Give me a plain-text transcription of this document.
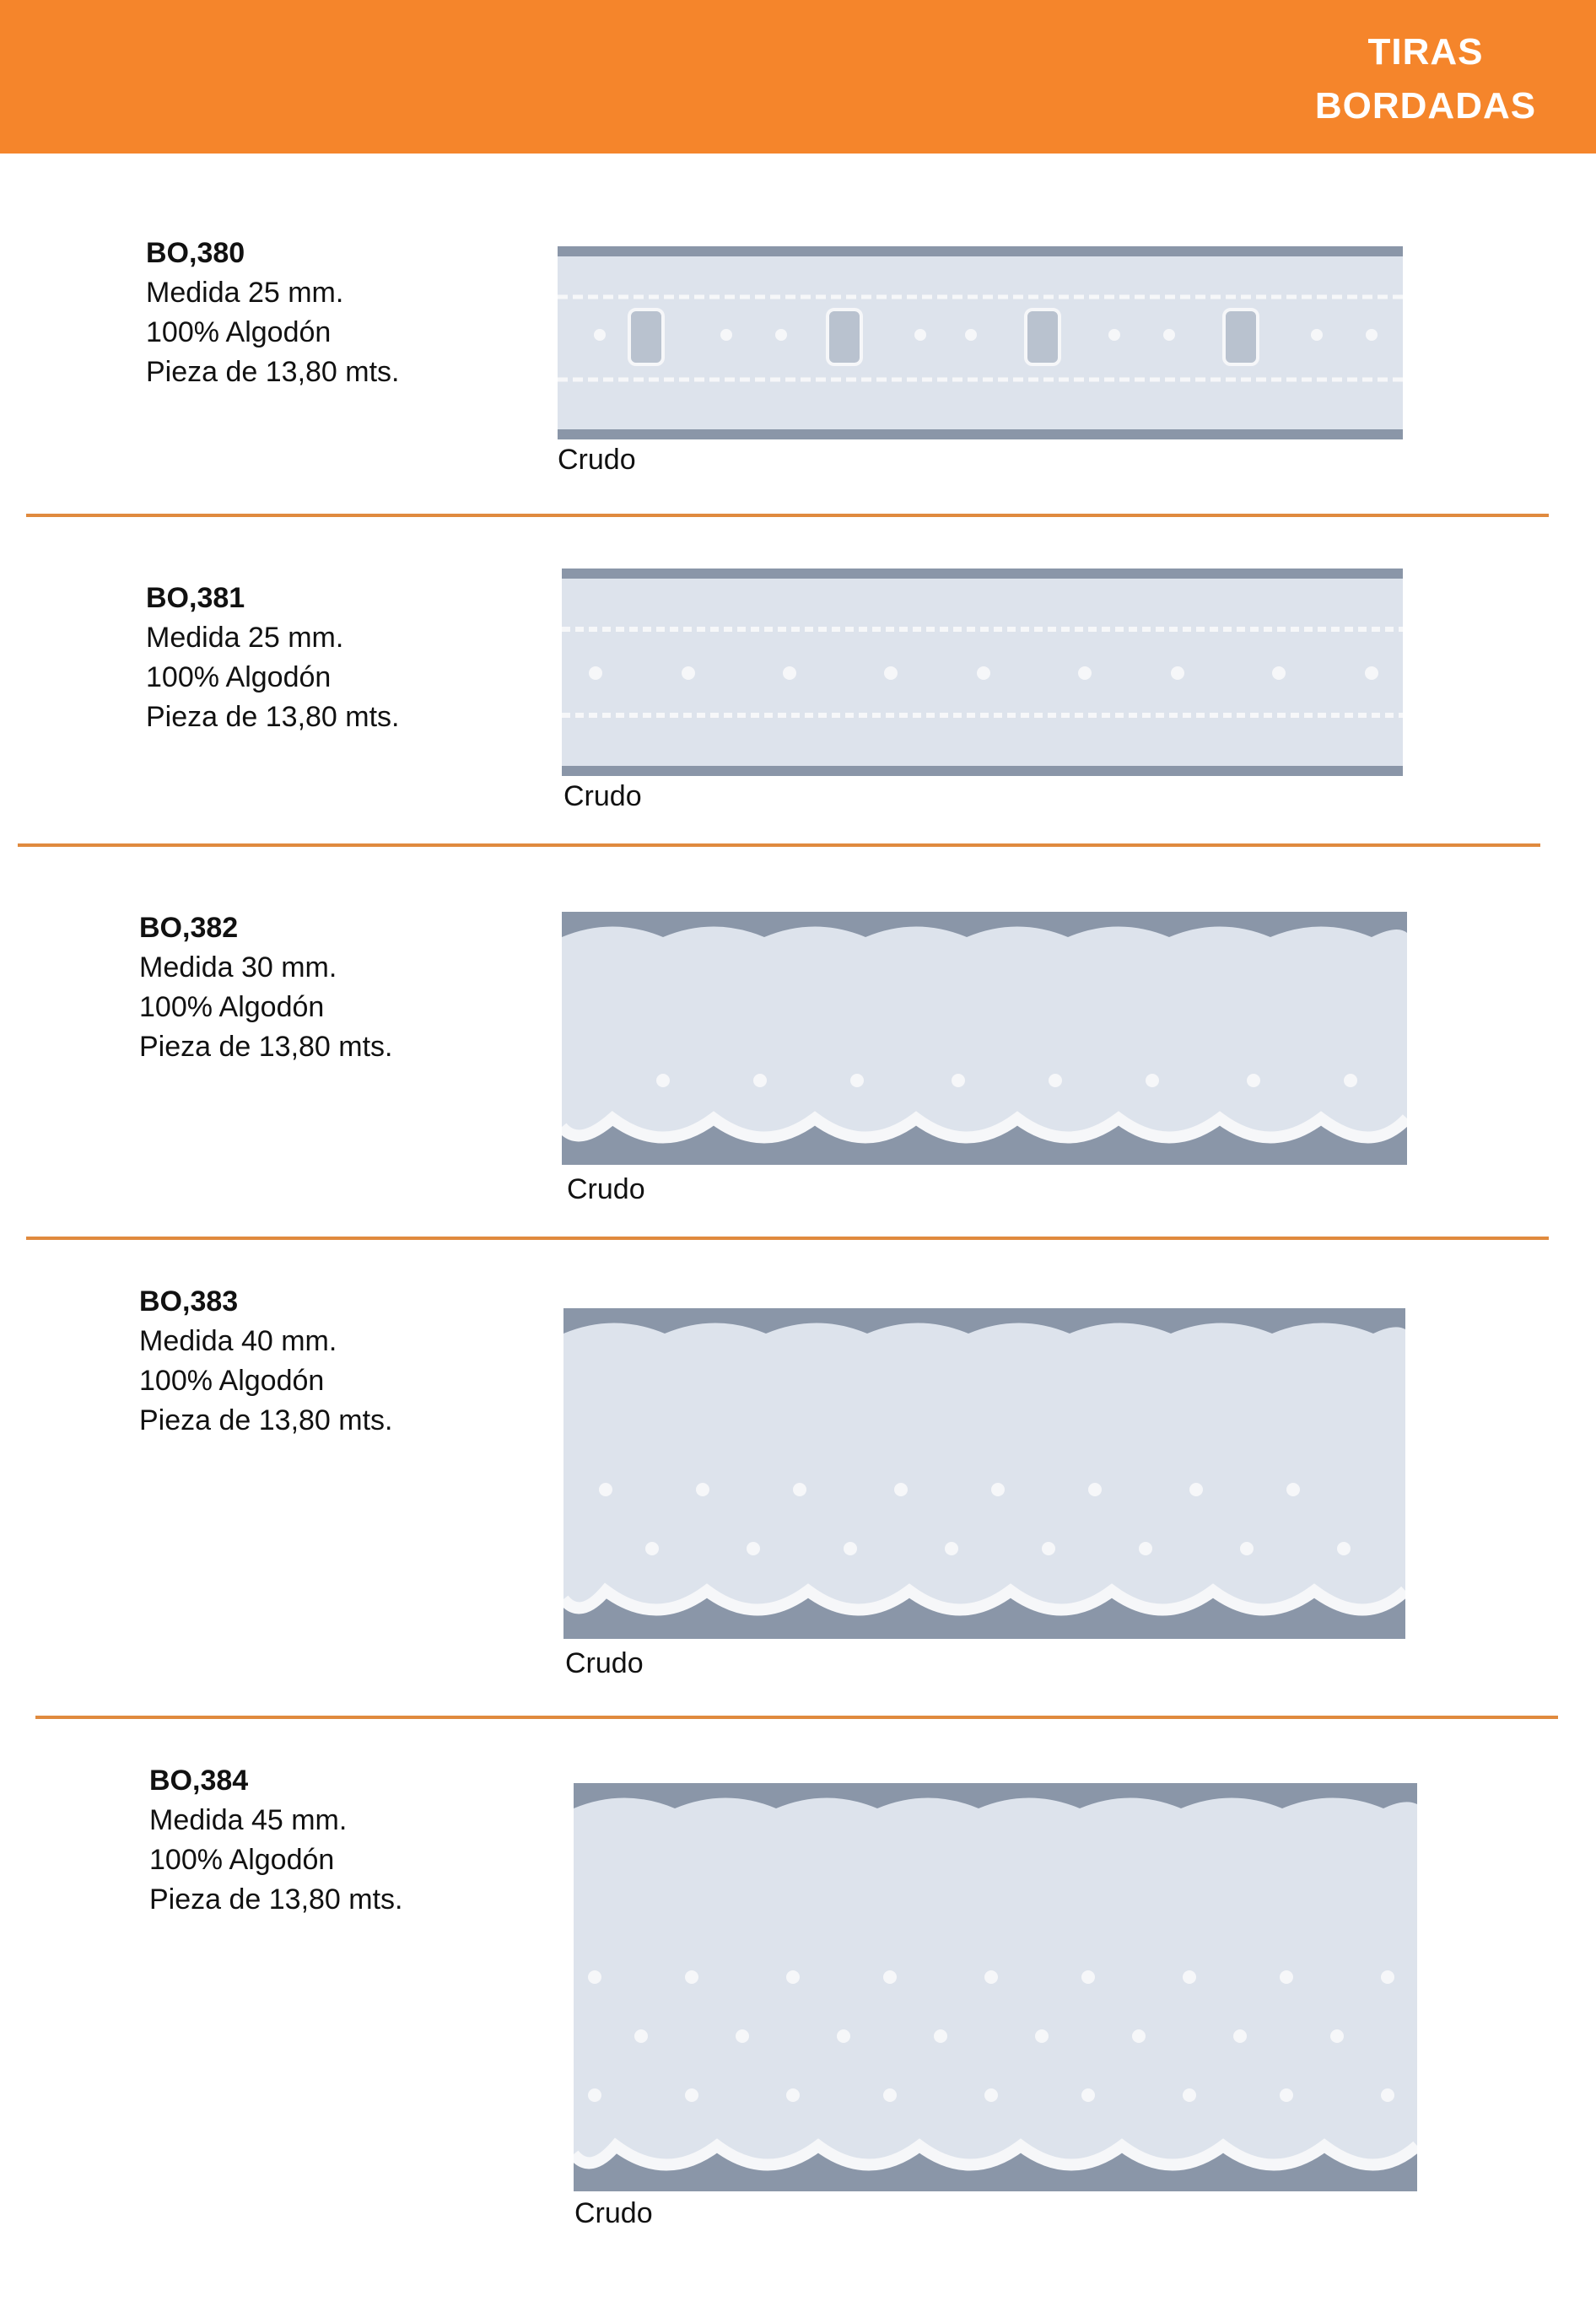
TIRAS
BORDADAS
BO,380
Medida 25 mm.
100% Algodón
Pieza de 13,80 mts.
Crudo
BO,381
Medida 25 mm.
100% Algodón
Pieza de 13,80 mts.
Crudo
BO,382
Medida 30 mm.
100% Algodón
Pieza de 13,80 mts.
Crudo
BO,383
Medida 40 mm.
100% Algodón
Pieza de 13,80 mts.
Crudo
BO,384
Medida 45 mm.
100% Algodón
Pieza de 13,80 mts.
Crudo
